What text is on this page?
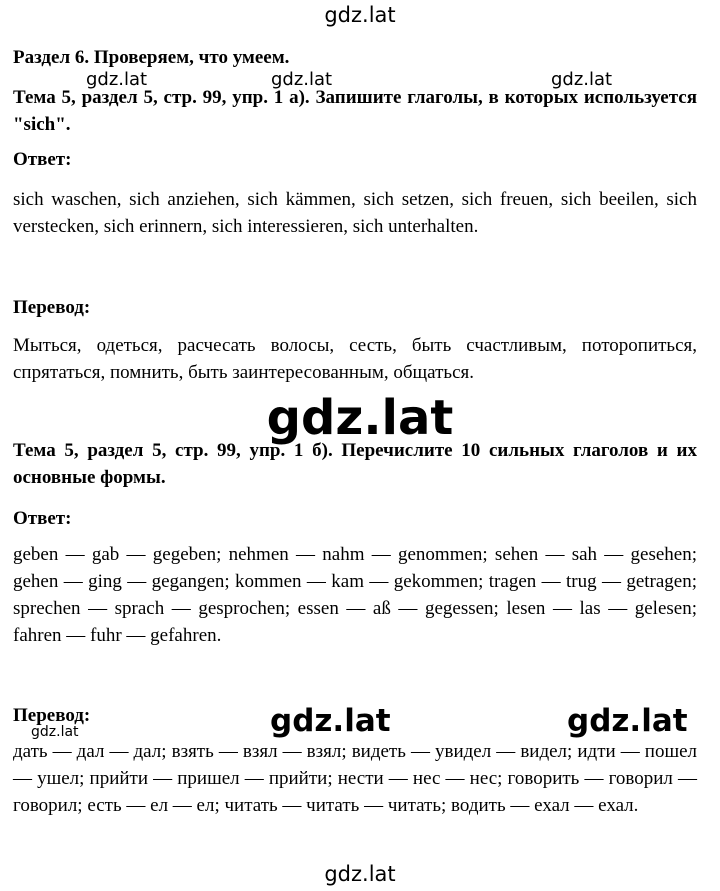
gdz.lat

Раздел 6. Проверяем, что умеем.

Тема 5, раздел 5, стр. 99, упр. 1 а). Запишите глаголы, в которых используется "sich".

gdz.lat	gdz.lat	gdz.lat

Ответ:

sich waschen, sich anziehen, sich kämmen, sich setzen, sich freuen, sich beeilen, sich verstecken, sich erinnern, sich interessieren, sich unterhalten.

Перевод:

Мыться, одеться, расчесать волосы, сесть, быть счастливым, поторопиться, спрятаться, помнить, быть заинтересованным, общаться.

gdz.lat

Тема 5, раздел 5, стр. 99, упр. 1 б). Перечислите 10 сильных глаголов и их основные формы.

Ответ:

geben — gab — gegeben; nehmen — nahm — genommen; sehen — sah — gesehen; gehen — ging — gegangen; kommen — kam — gekommen; tragen — trug — getragen; sprechen — sprach — gesprochen; essen — aß — gegessen; lesen — las — gelesen; fahren — fuhr — gefahren.

Перевод:	gdz.lat	gdz.lat
gdz.lat

дать — дал — дал; взять — взял — взял; видеть — увидел — видел; идти — пошел — ушел; прийти — пришел — прийти; нести — нес — нес; говорить — говорил — говорил; есть — ел — ел; читать — читать — читать; водить — ехал — ехал.

gdz.lat
